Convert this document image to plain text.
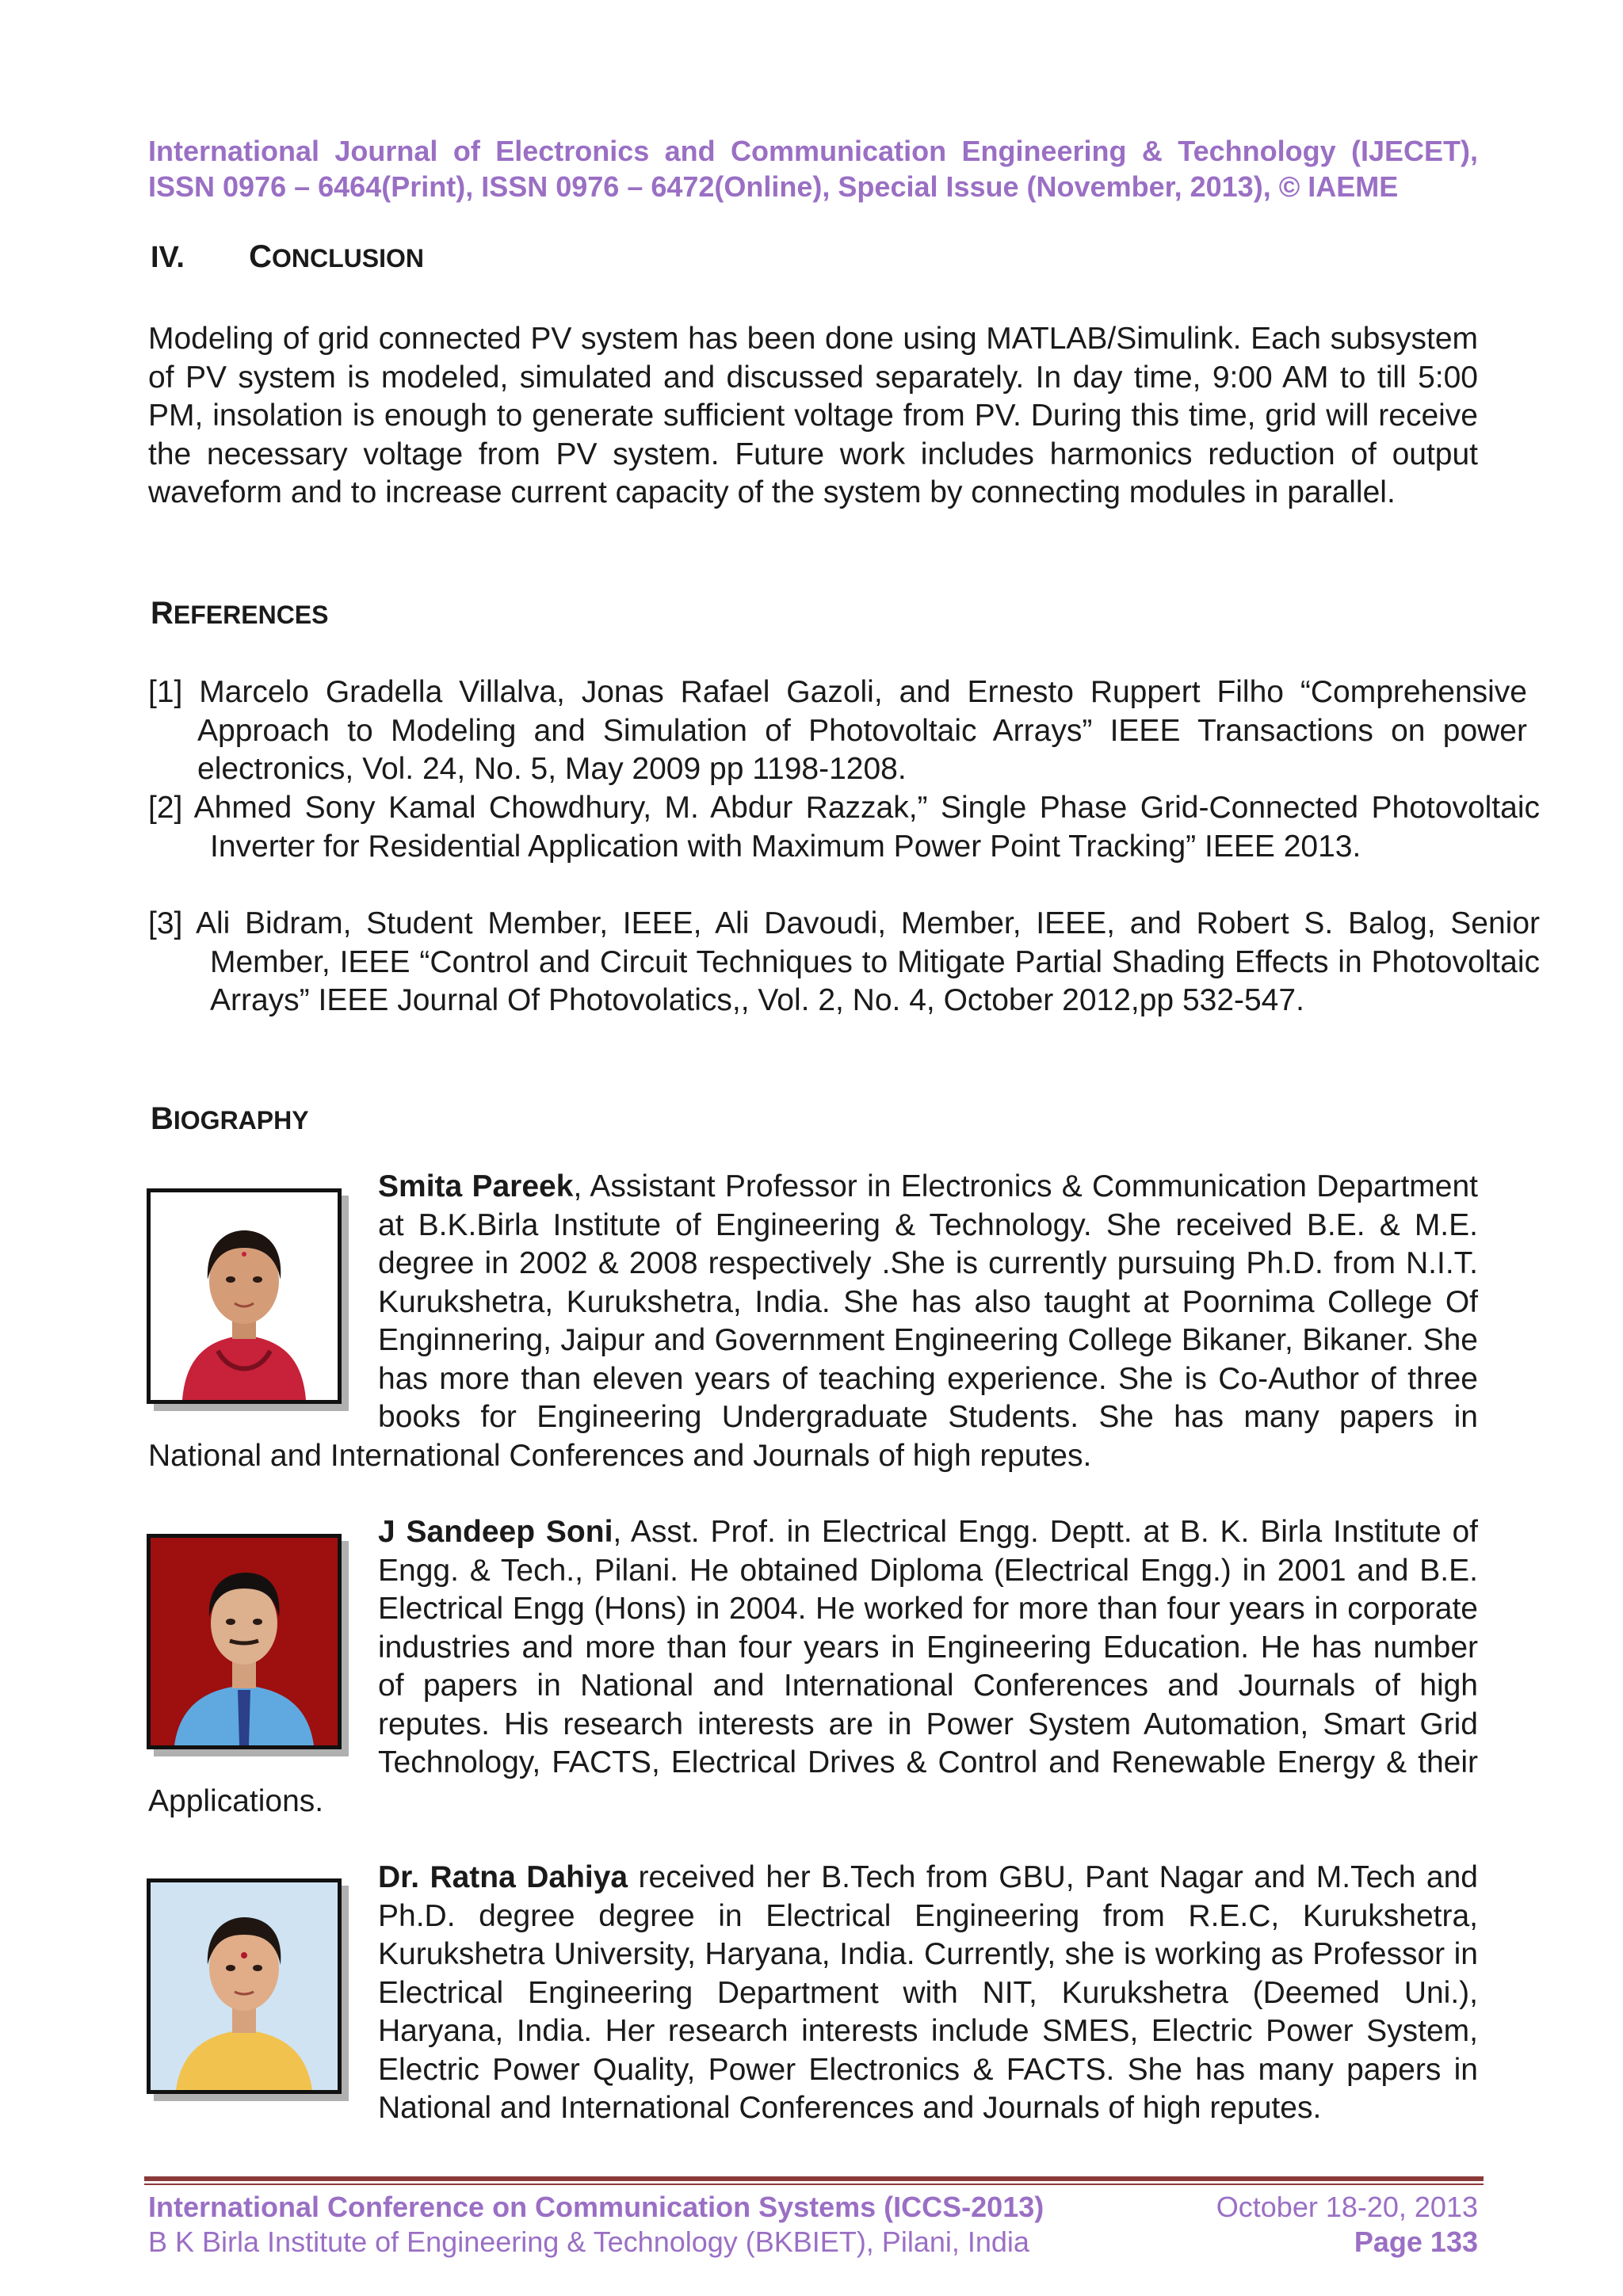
International Journal of Electronics and Communication Engineering & Technology (IJECET),
ISSN 0976 – 6464(Print), ISSN 0976 – 6472(Online), Special Issue (November, 2013), © IAEME
IV. CONCLUSION
Modeling of grid connected PV system has been done using MATLAB/Simulink. Each subsystem of PV system is modeled, simulated and discussed separately. In day time, 9:00 AM to till 5:00 PM, insolation is enough to generate sufficient voltage from PV. During this time, grid will receive the necessary voltage from PV system. Future work includes harmonics reduction of output waveform and to increase current capacity of the system by connecting modules in parallel.
REFERENCES
[1] Marcelo Gradella Villalva, Jonas Rafael Gazoli, and Ernesto Ruppert Filho “Comprehensive Approach to Modeling and Simulation of Photovoltaic Arrays” IEEE Transactions on power electronics, Vol. 24, No. 5, May 2009 pp 1198-1208.
[2] Ahmed Sony Kamal Chowdhury, M. Abdur Razzak,” Single Phase Grid-Connected Photovoltaic Inverter for Residential Application with Maximum Power Point Tracking” IEEE 2013.
[3] Ali Bidram, Student Member, IEEE, Ali Davoudi, Member, IEEE, and Robert S. Balog, Senior Member, IEEE “Control and Circuit Techniques to Mitigate Partial Shading Effects in Photovoltaic Arrays” IEEE Journal Of Photovolatics,, Vol. 2, No. 4, October 2012,pp 532-547.
BIOGRAPHY
Smita Pareek, Assistant Professor in Electronics & Communication Department at B.K.Birla Institute of Engineering & Technology. She received B.E. & M.E. degree in 2002 & 2008 respectively .She is currently pursuing Ph.D. from N.I.T. Kurukshetra, Kurukshetra, India. She has also taught at Poornima College Of Enginnering, Jaipur and Government Engineering College Bikaner, Bikaner. She has more than eleven years of teaching experience. She is Co-Author of three books for Engineering Undergraduate Students. She has many papers in National and International Conferences and Journals of high reputes.
J Sandeep Soni, Asst. Prof. in Electrical Engg. Deptt. at B. K. Birla Institute of Engg. & Tech., Pilani. He obtained Diploma (Electrical Engg.) in 2001 and B.E. Electrical Engg (Hons) in 2004. He worked for more than four years in corporate industries and more than four years in Engineering Education. He has number of papers in National and International Conferences and Journals of high reputes. His research interests are in Power System Automation, Smart Grid Technology, FACTS, Electrical Drives & Control and Renewable Energy & their Applications.
Dr. Ratna Dahiya received her B.Tech from GBU, Pant Nagar and M.Tech and Ph.D. degree degree in Electrical Engineering from R.E.C, Kurukshetra, Kurukshetra University, Haryana, India. Currently, she is working as Professor in Electrical Engineering Department with NIT, Kurukshetra (Deemed Uni.), Haryana, India. Her research interests include SMES, Electric Power System, Electric Power Quality, Power Electronics & FACTS. She has many papers in National and International Conferences and Journals of high reputes.
International Conference on Communication Systems (ICCS-2013)
B K Birla Institute of Engineering & Technology (BKBIET), Pilani, India
October 18-20, 2013
Page 133
